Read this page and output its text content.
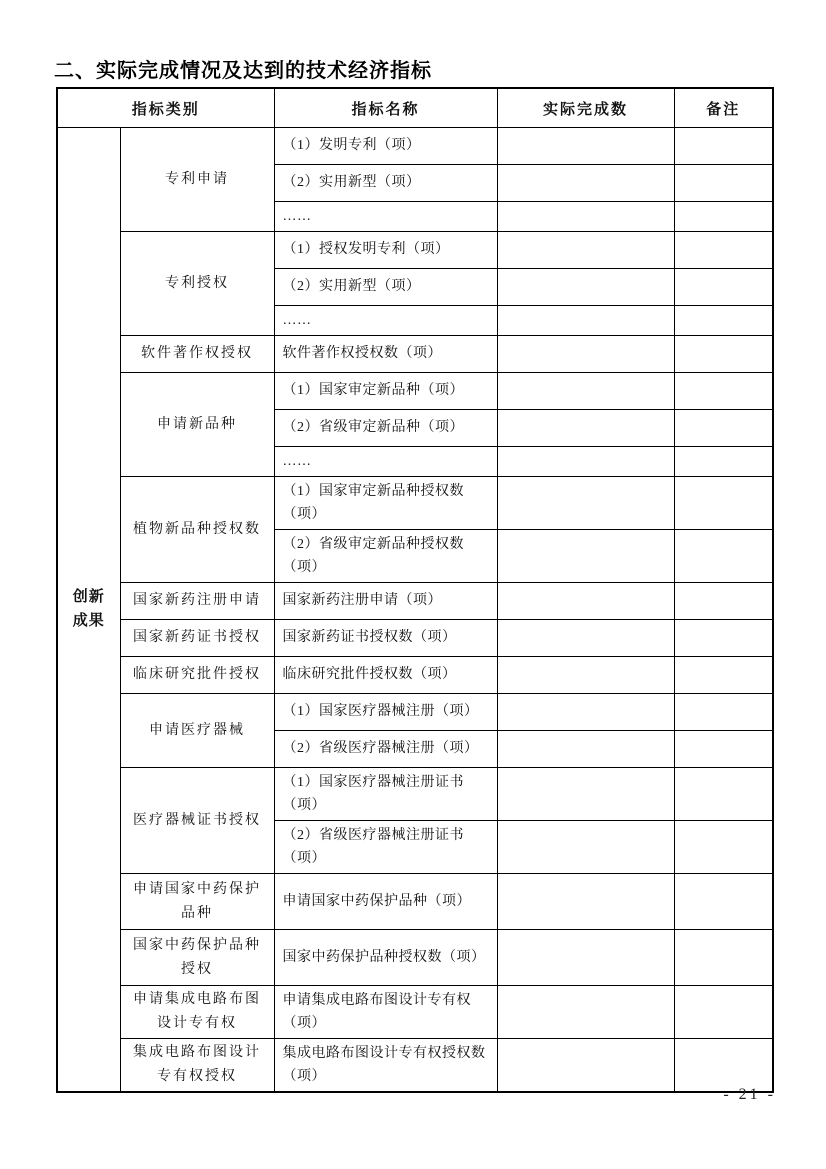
二、实际完成情况及达到的技术经济指标
指标类别		指标名称	实际完成数	备注
创新成果	专利申请	（1）发明专利（项）		
		（2）实用新型（项）		
		……		
	专利授权	（1）授权发明专利（项）		
		（2）实用新型（项）		
		……		
	软件著作权授权	软件著作权授权数（项）		
	申请新品种	（1）国家审定新品种（项）		
		（2）省级审定新品种（项）		
		……		
	植物新品种授权数	（1）国家审定新品种授权数（项）		
		（2）省级审定新品种授权数（项）		
	国家新药注册申请	国家新药注册申请（项）		
	国家新药证书授权	国家新药证书授权数（项）		
	临床研究批件授权	临床研究批件授权数（项）		
	申请医疗器械	（1）国家医疗器械注册（项）		
		（2）省级医疗器械注册（项）		
	医疗器械证书授权	（1）国家医疗器械注册证书（项）		
		（2）省级医疗器械注册证书（项）		
	申请国家中药保护品种	申请国家中药保护品种（项）		
	国家中药保护品种授权	国家中药保护品种授权数（项）		
	申请集成电路布图设计专有权	申请集成电路布图设计专有权（项）		
	集成电路布图设计专有权授权	集成电路布图设计专有权授权数（项）		
- 21 -
